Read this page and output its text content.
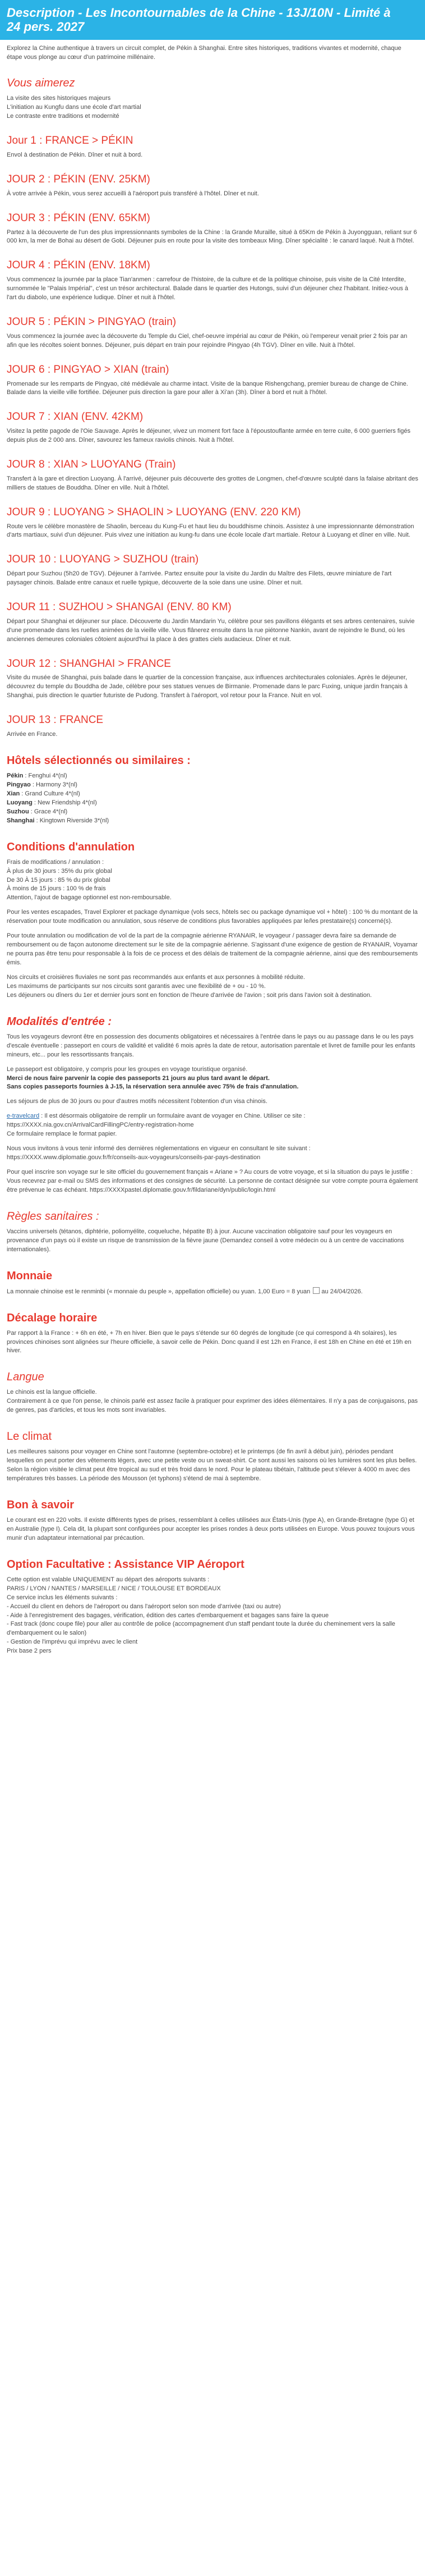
Description - Les Incontournables de la Chine - 13J/10N - Limité à
24 pers. 2027

Explorez la Chine authentique à travers un circuit complet, de Pékin à Shanghai. Entre sites historiques, traditions vivantes et modernité, chaque étape vous plonge au cœur d'un patrimoine millénaire.

Vous aimerez

La visite des sites historiques majeurs
L'initiation au Kungfu dans une école d'art martial
Le contraste entre traditions et modernité

Jour 1 : FRANCE > PÉKIN

Envol à destination de Pékin. Dîner et nuit à bord.

JOUR 2 : PÉKIN (ENV. 25KM)

À votre arrivée à Pékin, vous serez accueilli à l'aéroport puis transféré à l'hôtel. Dîner et nuit.

JOUR 3 : PÉKIN (ENV. 65KM)

Partez à la découverte de l'un des plus impressionnants symboles de la Chine : la Grande Muraille, situé à 65Km de Pékin à Juyongguan, reliant sur 6 000 km, la mer de Bohai au désert de Gobi. Déjeuner puis en route pour la visite des tombeaux Ming. Dîner spécialité : le canard laqué. Nuit à l'hôtel.

JOUR 4 : PÉKIN (ENV. 18KM)

Vous commencez la journée par la place Tian'anmen : carrefour de l'histoire, de la culture et de la politique chinoise, puis visite de la Cité Interdite, surnommée le "Palais Impérial", c'est un trésor architectural. Balade dans le quartier des Hutongs, suivi d'un déjeuner chez l'habitant. Initiez-vous à l'art du diabolo, une expérience ludique. Dîner et nuit à l'hôtel.

JOUR 5 : PÉKIN > PINGYAO (train)

Vous commencez la journée avec la découverte du Temple du Ciel, chef-oeuvre impérial au cœur de Pékin, où l'empereur venait prier 2 fois par an afin que les récoltes soient bonnes. Déjeuner, puis départ en train pour rejoindre Pingyao (4h TGV). Dîner en ville. Nuit à l'hôtel.

JOUR 6 : PINGYAO > XIAN (train)

Promenade sur les remparts de Pingyao, cité médiévale au charme intact. Visite de la banque Rishengchang, premier bureau de change de Chine. Balade dans la vieille ville fortifiée. Déjeuner puis direction la gare pour aller à Xi'an (3h). Dîner à bord et nuit à l'hôtel.

JOUR 7 : XIAN (ENV. 42KM)

Visitez la petite pagode de l'Oie Sauvage. Après le déjeuner, vivez un moment fort face à l'époustouflante armée en terre cuite, 6 000 guerriers figés depuis plus de 2 000 ans. Dîner, savourez les fameux raviolis chinois. Nuit à l'hôtel.

JOUR 8 : XIAN > LUOYANG (Train)

Transfert à la gare et direction Luoyang. À l'arrivé, déjeuner puis découverte des grottes de Longmen, chef-d'œuvre sculpté dans la falaise abritant des milliers de statues de Bouddha. Dîner en ville. Nuit à l'hôtel.

JOUR 9 : LUOYANG > SHAOLIN > LUOYANG (ENV. 220 KM)

Route vers le célèbre monastère de Shaolin, berceau du Kung-Fu et haut lieu du bouddhisme chinois. Assistez à une impressionnante démonstration d'arts martiaux, suivi d'un déjeuner. Puis vivez une initiation au kung-fu dans une école locale d'art martiale. Retour à Luoyang et dîner en ville. Nuit.

JOUR 10 : LUOYANG > SUZHOU (train)

Départ pour Suzhou (5h20 de TGV). Déjeuner à l'arrivée. Partez ensuite pour la visite du Jardin du Maître des Filets, œuvre miniature de l'art paysager chinois. Balade entre canaux et ruelle typique, découverte de la soie dans une usine. Dîner et nuit.

JOUR 11 : SUZHOU > SHANGAI (ENV. 80 KM)

Départ pour Shanghai et déjeuner sur place. Découverte du Jardin Mandarin Yu, célèbre pour ses pavillons élégants et ses arbres centenaires, suivie d'une promenade dans les ruelles animées de la vieille ville. Vous flânerez ensuite dans la rue piétonne Nankin, avant de rejoindre le Bund, où les anciennes demeures coloniales côtoient aujourd'hui la place à des grattes ciels audacieux. Dîner et nuit.

JOUR 12 : SHANGHAI > FRANCE

Visite du musée de Shanghai, puis balade dans le quartier de la concession française, aux influences architecturales coloniales. Après le déjeuner, découvrez du temple du Bouddha de Jade, célèbre pour ses statues venues de Birmanie. Promenade dans le parc Fuxing, unique jardin français à Shanghai, puis direction le quartier futuriste de Pudong. Transfert à l'aéroport, vol retour pour la France. Nuit en vol.

JOUR 13 : FRANCE

Arrivée en France.

Hôtels sélectionnés ou similaires :

Pékin : Fenghui 4*(nl)
Pingyao : Harmony 3*(nl)
Xian : Grand Culture 4*(nl)
Luoyang : New Friendship 4*(nl)
Suzhou : Grace 4*(nl)
Shanghai : Kingtown Riverside 3*(nl)

Conditions d'annulation

Frais de modifications / annulation :
À plus de 30 jours : 35% du prix global
De 30 À 15 jours : 85 % du prix global
À moins de 15 jours : 100 % de frais
Attention, l'ajout de bagage optionnel est non-remboursable.

Pour les ventes escapades, Travel Explorer et package dynamique (vols secs, hôtels sec ou package dynamique vol + hôtel) : 100 % du montant de la réservation pour toute modification ou annulation, sous réserve de conditions plus favorables appliquées par le/les prestataire(s) concerné(s).

Pour toute annulation ou modification de vol de la part de la compagnie aérienne RYANAIR, le voyageur / passager devra faire sa demande de remboursement ou de façon autonome directement sur le site de la compagnie aérienne. S'agissant d'une exigence de gestion de RYANAIR, Voyamar ne pourra pas être tenu pour responsable à la fois de ce process et des délais de traitement de la compagnie aérienne, ainsi que des remboursements émis.

Nos circuits et croisières fluviales ne sont pas recommandés aux enfants et aux personnes à mobilité réduite.
Les maximums de participants sur nos circuits sont garantis avec une flexibilité de + ou - 10 %.
Les déjeuners ou dîners du 1er et dernier jours sont en fonction de l'heure d'arrivée de l'avion ; soit pris dans l'avion soit à destination.

Modalités d'entrée :

Tous les voyageurs devront être en possession des documents obligatoires et nécessaires à l'entrée dans le pays ou au passage dans le ou les pays d'escale éventuelle : passeport en cours de validité et validité 6 mois après la date de retour, autorisation parentale et livret de famille pour les enfants mineurs, etc... pour les ressortissants français.

Le passeport est obligatoire, y compris pour les groupes en voyage touristique organisé.
Merci de nous faire parvenir la copie des passeports 21 jours au plus tard avant le départ.
Sans copies passeports fournies à J-15, la réservation sera annulée avec 75% de frais d'annulation.

Les séjours de plus de 30 jours ou pour d'autres motifs nécessitent l'obtention d'un visa chinois.

e-travelcard : Il est désormais obligatoire de remplir un formulaire avant de voyager en Chine. Utiliser ce site : https://XXXX.nia.gov.cn/ArrivalCardFillingPC/entry-registration-home
Ce formulaire remplace le format papier.

Nous vous invitons à vous tenir informé des dernières réglementations en vigueur en consultant le site suivant : https://XXXX.www.diplomatie.gouv.fr/fr/conseils-aux-voyageurs/conseils-par-pays-destination

Pour quel inscrire son voyage sur le site officiel du gouvernement français « Ariane » ? Au cours de votre voyage, et si la situation du pays le justifie : Vous recevrez par e-mail ou SMS des informations et des consignes de sécurité. La personne de contact désignée sur votre compte pourra également être prévenue le cas échéant. https://XXXXpastel.diplomatie.gouv.fr/fildariane/dyn/public/login.html

Règles sanitaires :

Vaccins universels (tétanos, diphtérie, poliomyélite, coqueluche, hépatite B) à jour. Aucune vaccination obligatoire sauf pour les voyageurs en provenance d'un pays où il existe un risque de transmission de la fièvre jaune (Demandez conseil à votre médecin ou à un centre de vaccinations internationales).

Monnaie

La monnaie chinoise est le renminbi (« monnaie du peuple », appellation officielle) ou yuan. 1,00 Euro = 8 yuan  au 24/04/2026.

Décalage horaire

Par rapport à la France : + 6h en été, + 7h en hiver. Bien que le pays s'étende sur 60 degrés de longitude (ce qui correspond à 4h solaires), les provinces chinoises sont alignées sur l'heure officielle, à savoir celle de Pékin. Donc quand il est 12h en France, il est 18h en Chine en été et 19h en hiver.

Langue

Le chinois est la langue officielle.
Contrairement à ce que l'on pense, le chinois parlé est assez facile à pratiquer pour exprimer des idées élémentaires. Il n'y a pas de conjugaisons, pas de genres, pas d'articles, et tous les mots sont invariables.

Le climat

Les meilleures saisons pour voyager en Chine sont l'automne (septembre-octobre) et le printemps (de fin avril à début juin), périodes pendant lesquelles on peut porter des vêtements légers, avec une petite veste ou un sweat-shirt. Ce sont aussi les saisons où les lumières sont les plus belles. Selon la région visitée le climat peut être tropical au sud et très froid dans le nord. Pour le plateau tibétain, l'altitude peut s'élever à 4000 m avec des températures très basses. La période des Mousson (et typhons) s'étend de mai à septembre.

Bon à savoir

Le courant est en 220 volts. Il existe différents types de prises, ressemblant à celles utilisées aux États-Unis (type A), en Grande-Bretagne (type G) et en Australie (type I). Cela dit, la plupart sont configurées pour accepter les prises rondes à deux ports utilisées en Europe. Vous pouvez toujours vous munir d'un adaptateur international par précaution.

Option Facultative : Assistance VIP Aéroport

Cette option est valable UNIQUEMENT au départ des aéroports suivants :
PARIS / LYON / NANTES / MARSEILLE / NICE / TOULOUSE ET BORDEAUX
Ce service inclus les éléments suivants :
- Accueil du client en dehors de l'aéroport ou dans l'aéroport selon son mode d'arrivée (taxi ou autre)
- Aide à l'enregistrement des bagages, vérification, édition des cartes d'embarquement et bagages sans faire la queue
- Fast track (donc coupe file) pour aller au contrôle de police (accompagnement d'un staff pendant toute la durée du cheminement vers la salle d'embarquement ou le salon)
- Gestion de l'imprévu qui imprévu avec le client
Prix base 2 pers
